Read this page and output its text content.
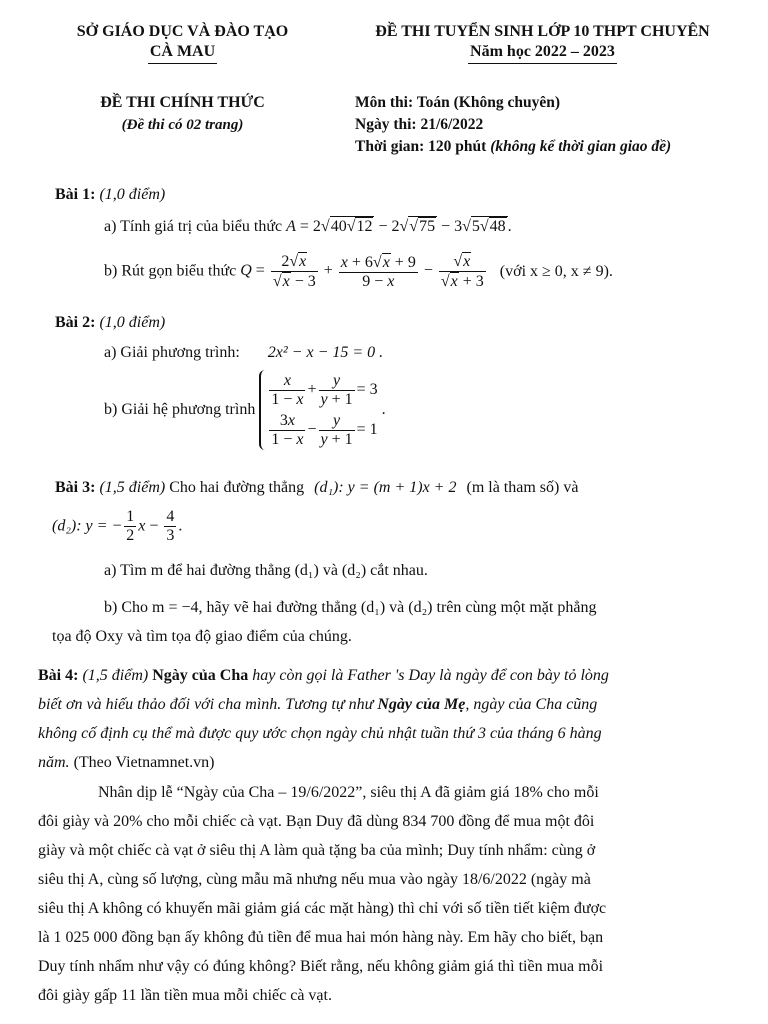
SỞ GIÁO DỤC VÀ ĐÀO TẠO
CÀ MAU
ĐỀ THI TUYỂN SINH LỚP 10 THPT CHUYÊN
Năm học 2022 – 2023
ĐỀ THI CHÍNH THỨC
(Đề thi có 02 trang)
Môn thi: Toán (Không chuyên)
Ngày thi: 21/6/2022
Thời gian: 120 phút (không kể thời gian giao đề)
Bài 1: (1,0 điểm)
a) Tính giá trị của biểu thức A = 2√40√12 − 2√√75 − 3√5√48 .
b) Rút gọn biểu thức $Q = \frac{2√x}{√x - 3} + \frac{x + 6√x + 9}{9 - x} - \frac{√x}{√x + 3}$ (với x ≥ 0, x ≠ 9).
Bài 2: (1,0 điểm)
a) Giải phương trình: 2x² − x − 15 = 0 .
b) Giải hệ phương trình
$\frac{x}{1 - x} + \frac{y}{y + 1} = 3$
$\frac{3x}{1 - x} - \frac{y}{y + 1} = 1$
.
Bài 3: (1,5 điểm) Cho hai đường thẳng (d₁): y = (m + 1)x + 2 (m là tham số) và
(d₂): y = − $\frac{1}{2}$ $x - \frac{4}{3}$ .
a) Tìm m để hai đường thẳng (d₁) và (d₂) cắt nhau.
b) Cho m = −4, hãy vẽ hai đường thẳng (d₁) và (d₂) trên cùng một mặt phẳng
tọa độ Oxy và tìm tọa độ giao điểm của chúng.
Bài 4: (1,5 điểm) Ngày của Cha hay còn gọi là Father 's Day là ngày để con bày tỏ lòng
biết ơn và hiếu thảo đối với cha mình. Tương tự như Ngày của Mẹ, ngày của Cha cũng
không cố định cụ thể mà được quy ước chọn ngày chủ nhật tuần thứ 3 của tháng 6 hàng
năm. (Theo Vietnamnet.vn)
Nhân dịp lễ “Ngày của Cha – 19/6/2022”, siêu thị A đã giảm giá 18% cho mỗi
đôi giày và 20% cho mỗi chiếc cà vạt. Bạn Duy đã dùng 834 700 đồng để mua một đôi
giày và một chiếc cà vạt ở siêu thị A làm quà tặng ba của mình; Duy tính nhẩm: cùng ở
siêu thị A, cùng số lượng, cùng mẫu mã nhưng nếu mua vào ngày 18/6/2022 (ngày mà
siêu thị A không có khuyến mãi giảm giá các mặt hàng) thì chỉ với số tiền tiết kiệm được
là 1 025 000 đồng bạn ấy không đủ tiền để mua hai món hàng này. Em hãy cho biết, bạn
Duy tính nhẩm như vậy có đúng không? Biết rằng, nếu không giảm giá thì tiền mua mỗi
đôi giày gấp 11 lần tiền mua mỗi chiếc cà vạt.
